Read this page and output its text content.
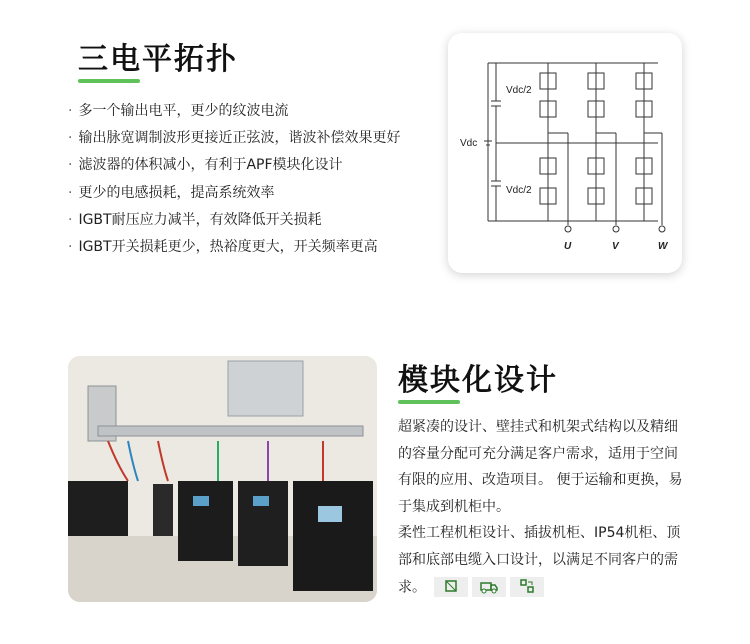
三电平拓扑
· 多一个输出电平，更少的纹波电流
· 输出脉宽调制波形更接近正弦波，谐波补偿效果更好
· 滤波器的体积减小，有利于APF模块化设计
· 更少的电感损耗，提高系统效率
· IGBT耐压应力减半，有效降低开关损耗
· IGBT开关损耗更少，热裕度更大，开关频率更高
Vdc/2
Vdc
Vdc/2
U	V	W
模块化设计

超紧凑的设计、壁挂式和机架式结构以及精细的容量分配可充分满足客户需求，适用于空间有限的应用、改造项目。 便于运输和更换，易于集成到机柜中。

柔性工程机柜设计、插拔机柜、IP54机柜、顶部和底部电缆入口设计，以满足不同客户的需求。
